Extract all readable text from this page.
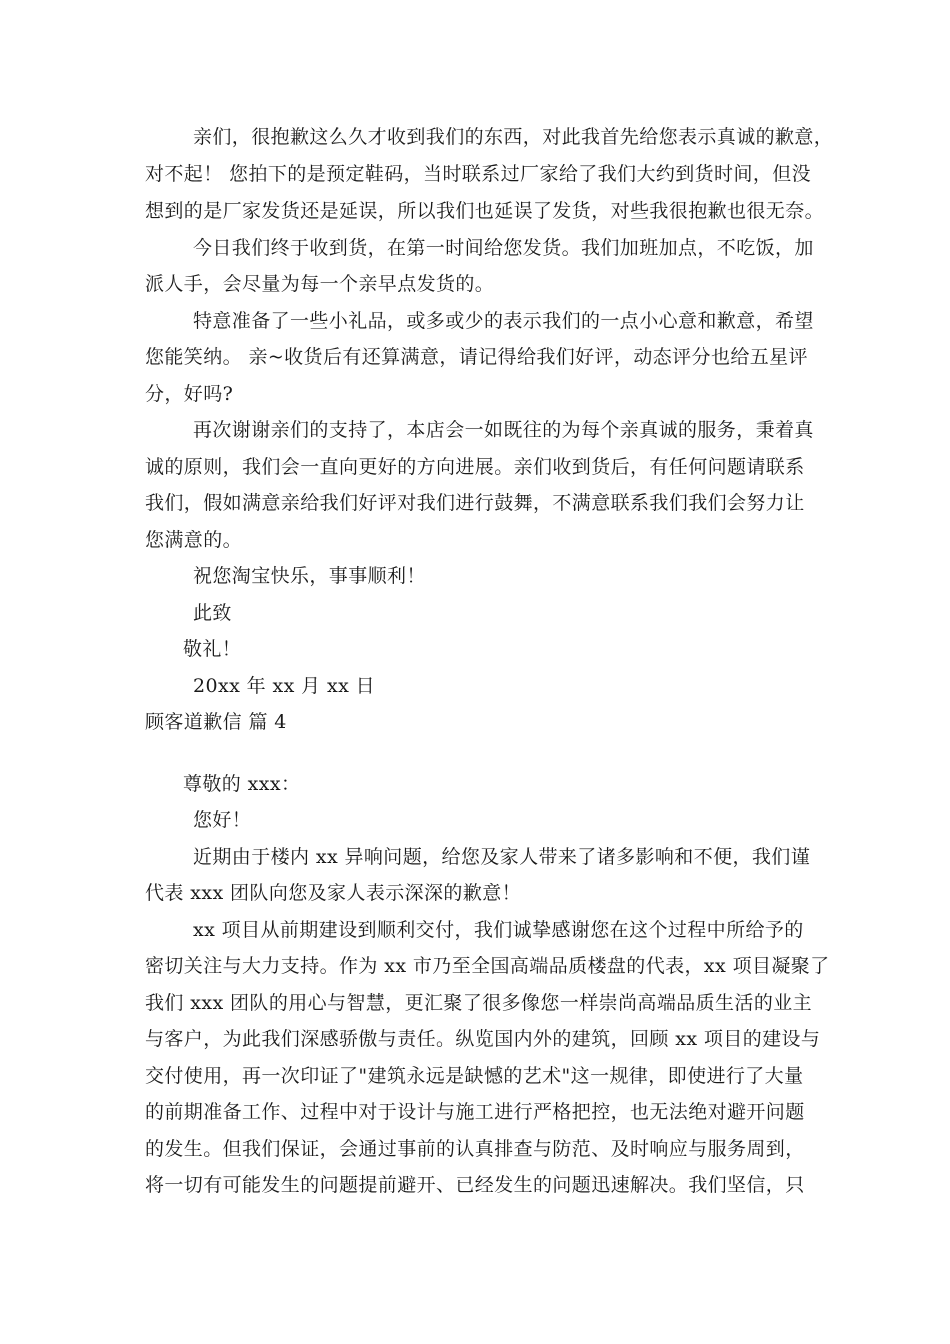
亲们，很抱歉这么久才收到我们的东西，对此我首先给您表示真诚的歉意，
对不起！ 您拍下的是预定鞋码，当时联系过厂家给了我们大约到货时间，但没
想到的是厂家发货还是延误，所以我们也延误了发货，对些我很抱歉也很无奈。
今日我们终于收到货，在第一时间给您发货。我们加班加点，不吃饭，加
派人手，会尽量为每一个亲早点发货的。
特意准备了一些小礼品，或多或少的表示我们的一点小心意和歉意，希望
您能笑纳。 亲~收货后有还算满意，请记得给我们好评，动态评分也给五星评
分，好吗?
再次谢谢亲们的支持了，本店会一如既往的为每个亲真诚的服务，秉着真
诚的原则，我们会一直向更好的方向进展。亲们收到货后，有任何问题请联系
我们，假如满意亲给我们好评对我们进行鼓舞，不满意联系我们我们会努力让
您满意的。
祝您淘宝快乐，事事顺利！
此致
敬礼！
20xx 年 xx 月 xx 日
顾客道歉信 篇 4
尊敬的 xxx：
您好！
近期由于楼内 xx 异响问题，给您及家人带来了诸多影响和不便，我们谨
代表 xxx 团队向您及家人表示深深的歉意！
xx 项目从前期建设到顺利交付，我们诚挚感谢您在这个过程中所给予的
密切关注与大力支持。作为 xx 市乃至全国高端品质楼盘的代表，xx 项目凝聚了
我们 xxx 团队的用心与智慧，更汇聚了很多像您一样崇尚高端品质生活的业主
与客户，为此我们深感骄傲与责任。纵览国内外的建筑，回顾 xx 项目的建设与
交付使用，再一次印证了"建筑永远是缺憾的艺术"这一规律，即使进行了大量
的前期准备工作、过程中对于设计与施工进行严格把控，也无法绝对避开问题
的发生。但我们保证，会通过事前的认真排查与防范、及时响应与服务周到，
将一切有可能发生的问题提前避开、已经发生的问题迅速解决。我们坚信，只
